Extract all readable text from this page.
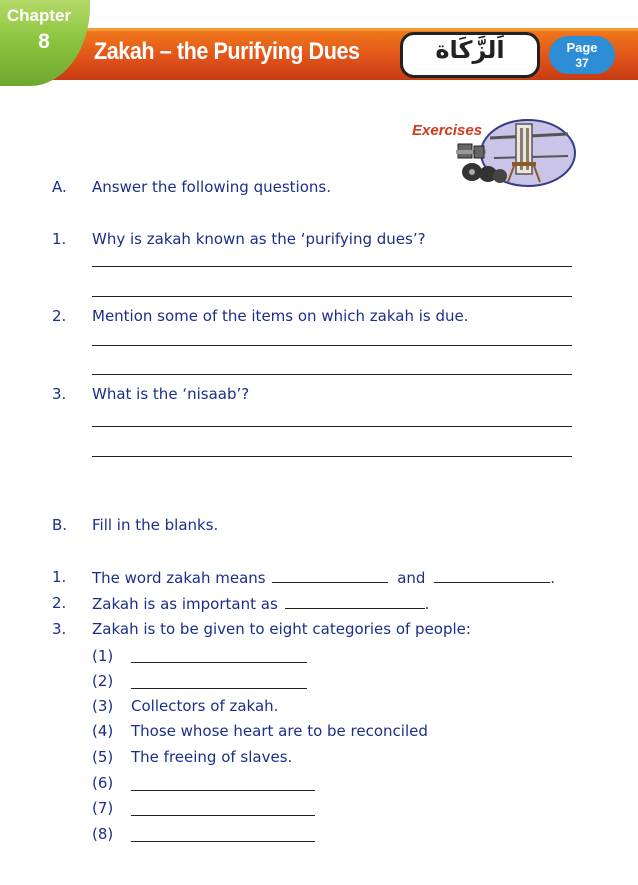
Chapter
8	Zakah – the Purifying Dues	اَلزَّكَاة	Page
37
Exercises
A. Answer the following questions.
1. Why is zakah known as the ‘purifying dues’?
2. Mention some of the items on which zakah is due.
3. What is the ‘nisaab’?
B. Fill in the blanks.
1. The word zakah means	and	.
2. Zakah is as important as	.
3. Zakah is to be given to eight categories of people:
(1)
(2)
(3) Collectors of zakah.
(4) Those whose heart are to be reconciled
(5) The freeing of slaves.
(6)
(7)
(8)
